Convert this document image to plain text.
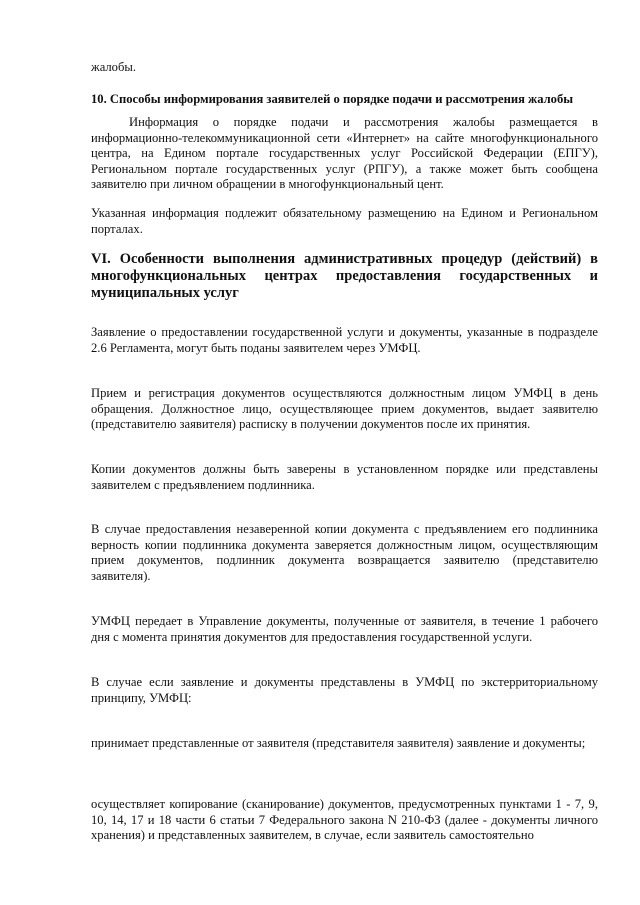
жалобы.

10. Способы информирования заявителей о порядке подачи и рассмотрения жалобы

Информация о порядке подачи и рассмотрения жалобы размещается в информационно-телекоммуникационной сети «Интернет» на сайте многофункционального центра, на Едином портале государственных услуг Российской Федерации (ЕПГУ), Региональном портале государственных услуг (РПГУ), а также может быть сообщена заявителю при личном обращении в многофункциональный цент.

Указанная информация подлежит обязательному размещению на Едином и Региональном порталах.

VI. Особенности выполнения административных процедур (действий) в многофункциональных центрах предоставления государственных и муниципальных услуг

Заявление о предоставлении государственной услуги и документы, указанные в подразделе 2.6 Регламента, могут быть поданы заявителем через УМФЦ.

Прием и регистрация документов осуществляются должностным лицом УМФЦ в день обращения. Должностное лицо, осуществляющее прием документов, выдает заявителю (представителю заявителя) расписку в получении документов после их принятия.

Копии документов должны быть заверены в установленном порядке или представлены заявителем с предъявлением подлинника.

В случае предоставления незаверенной копии документа с предъявлением его подлинника верность копии подлинника документа заверяется должностным лицом, осуществляющим прием документов, подлинник документа возвращается заявителю (представителю заявителя).

УМФЦ передает в Управление документы, полученные от заявителя, в течение 1 рабочего дня с момента принятия документов для предоставления государственной услуги.

В случае если заявление и документы представлены в УМФЦ по экстерриториальному принципу, УМФЦ:

принимает представленные от заявителя (представителя заявителя) заявление и документы;

осуществляет копирование (сканирование) документов, предусмотренных пунктами 1 - 7, 9, 10, 14, 17 и 18 части 6 статьи 7 Федерального закона N 210-ФЗ (далее - документы личного хранения) и представленных заявителем, в случае, если заявитель самостоятельно
